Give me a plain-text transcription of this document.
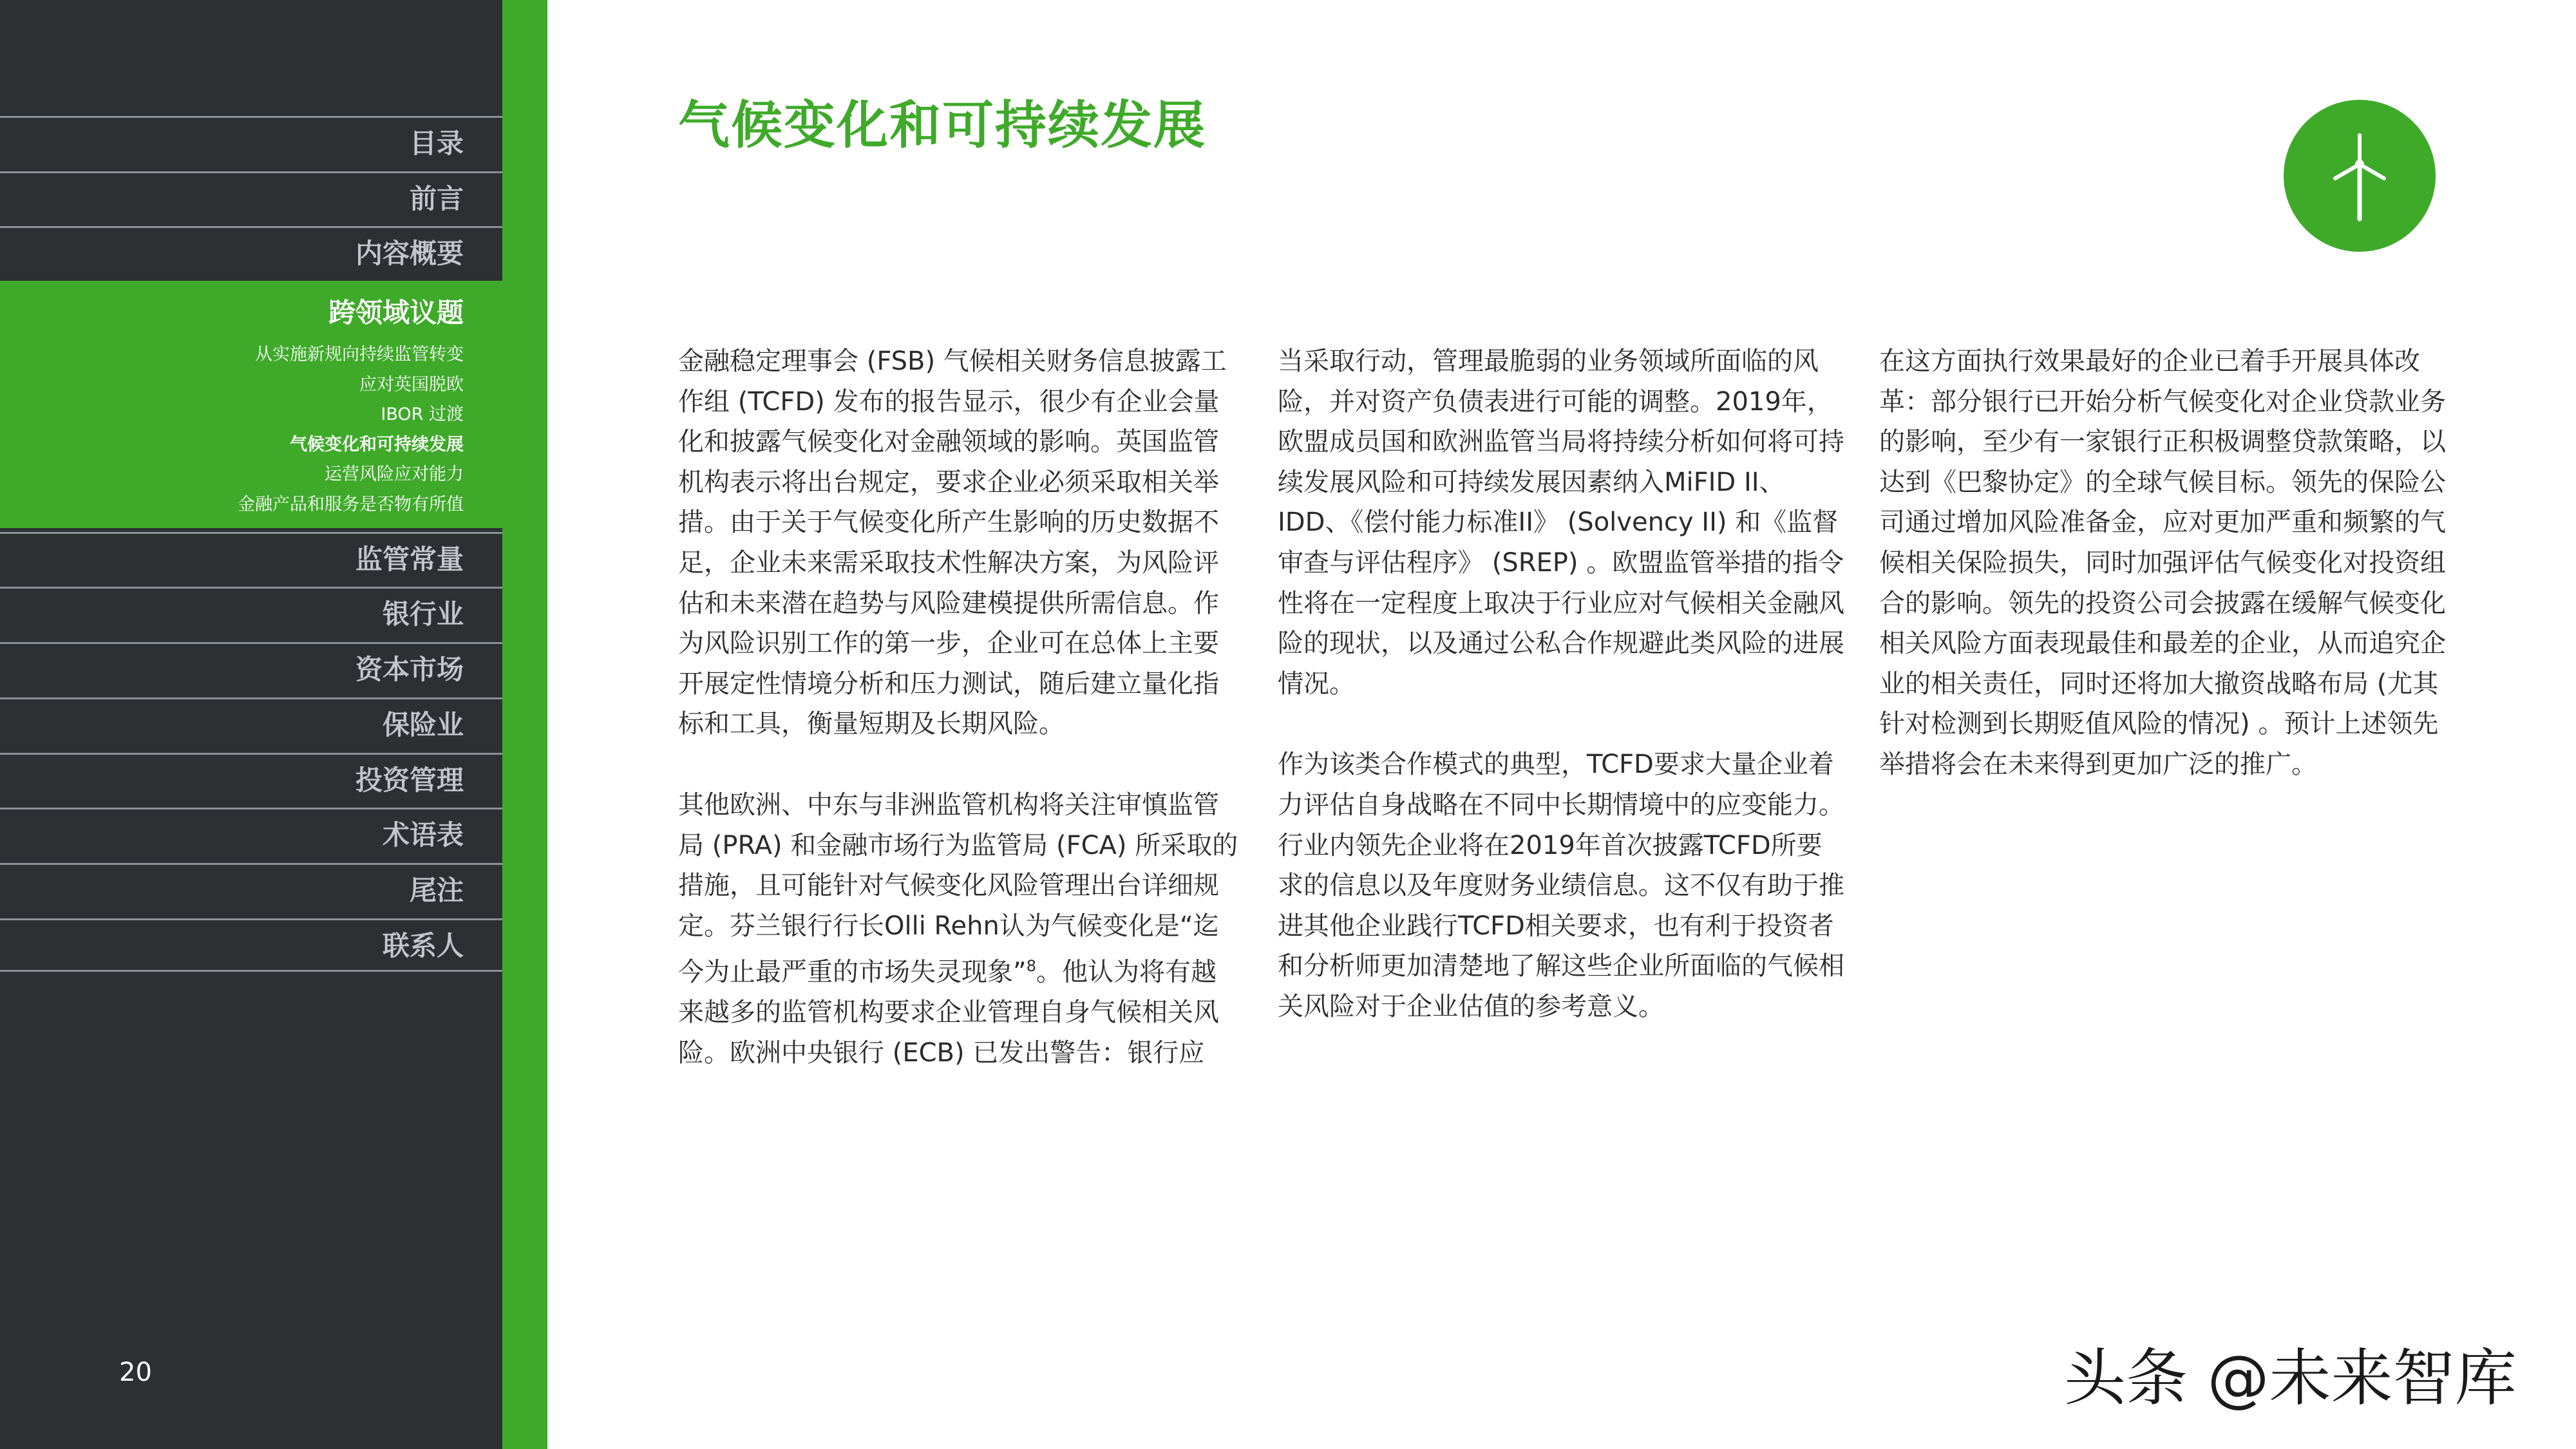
目录
前言
内容概要
跨领域议题
从实施新规向持续监管转变
应对英国脱欧
IBOR 过渡
气候变化和可持续发展
运营风险应对能力
金融产品和服务是否物有所值
监管常量
银行业
资本市场
保险业
投资管理
术语表
尾注
联系人
20
气候变化和可持续发展

金融稳定理事会 (FSB) 气候相关财务信息披露工作组 (TCFD) 发布的报告显示，很少有企业会量化和披露气候变化对金融领域的影响。英国监管机构表示将出台规定，要求企业必须采取相关举措。由于关于气候变化所产生影响的历史数据不足，企业未来需采取技术性解决方案，为风险评估和未来潜在趋势与风险建模提供所需信息。作为风险识别工作的第一步，企业可在总体上主要开展定性情境分析和压力测试，随后建立量化指标和工具，衡量短期及长期风险。

其他欧洲、中东与非洲监管机构将关注审慎监管局 (PRA) 和金融市场行为监管局 (FCA) 所采取的措施，且可能针对气候变化风险管理出台详细规定。芬兰银行行长Olli Rehn认为气候变化是“迄今为止最严重的市场失灵现象”$^8$。他认为将有越来越多的监管机构要求企业管理自身气候相关风险。欧洲中央银行 (ECB) 已发出警告：银行应

当采取行动，管理最脆弱的业务领域所面临的风险，并对资产负债表进行可能的调整。2019年，欧盟成员国和欧洲监管当局将持续分析如何将可持续发展风险和可持续发展因素纳入MiFID II、IDD、《偿付能力标准II》 (Solvency II) 和《监督审查与评估程序》 (SREP) 。欧盟监管举措的指令性将在一定程度上取决于行业应对气候相关金融风险的现状，以及通过公私合作规避此类风险的进展情况。

作为该类合作模式的典型，TCFD要求大量企业着力评估自身战略在不同中长期情境中的应变能力。行业内领先企业将在2019年首次披露TCFD所要求的信息以及年度财务业绩信息。这不仅有助于推进其他企业践行TCFD相关要求，也有利于投资者和分析师更加清楚地了解这些企业所面临的气候相关风险对于企业估值的参考意义。

在这方面执行效果最好的企业已着手开展具体改革：部分银行已开始分析气候变化对企业贷款业务的影响，至少有一家银行正积极调整贷款策略，以达到《巴黎协定》的全球气候目标。领先的保险公司通过增加风险准备金，应对更加严重和频繁的气候相关保险损失，同时加强评估气候变化对投资组合的影响。领先的投资公司会披露在缓解气候变化相关风险方面表现最佳和最差的企业，从而追究企业的相关责任，同时还将加大撤资战略布局 (尤其针对检测到长期贬值风险的情况) 。预计上述领先举措将会在未来得到更加广泛的推广。

头条 @未来智库
